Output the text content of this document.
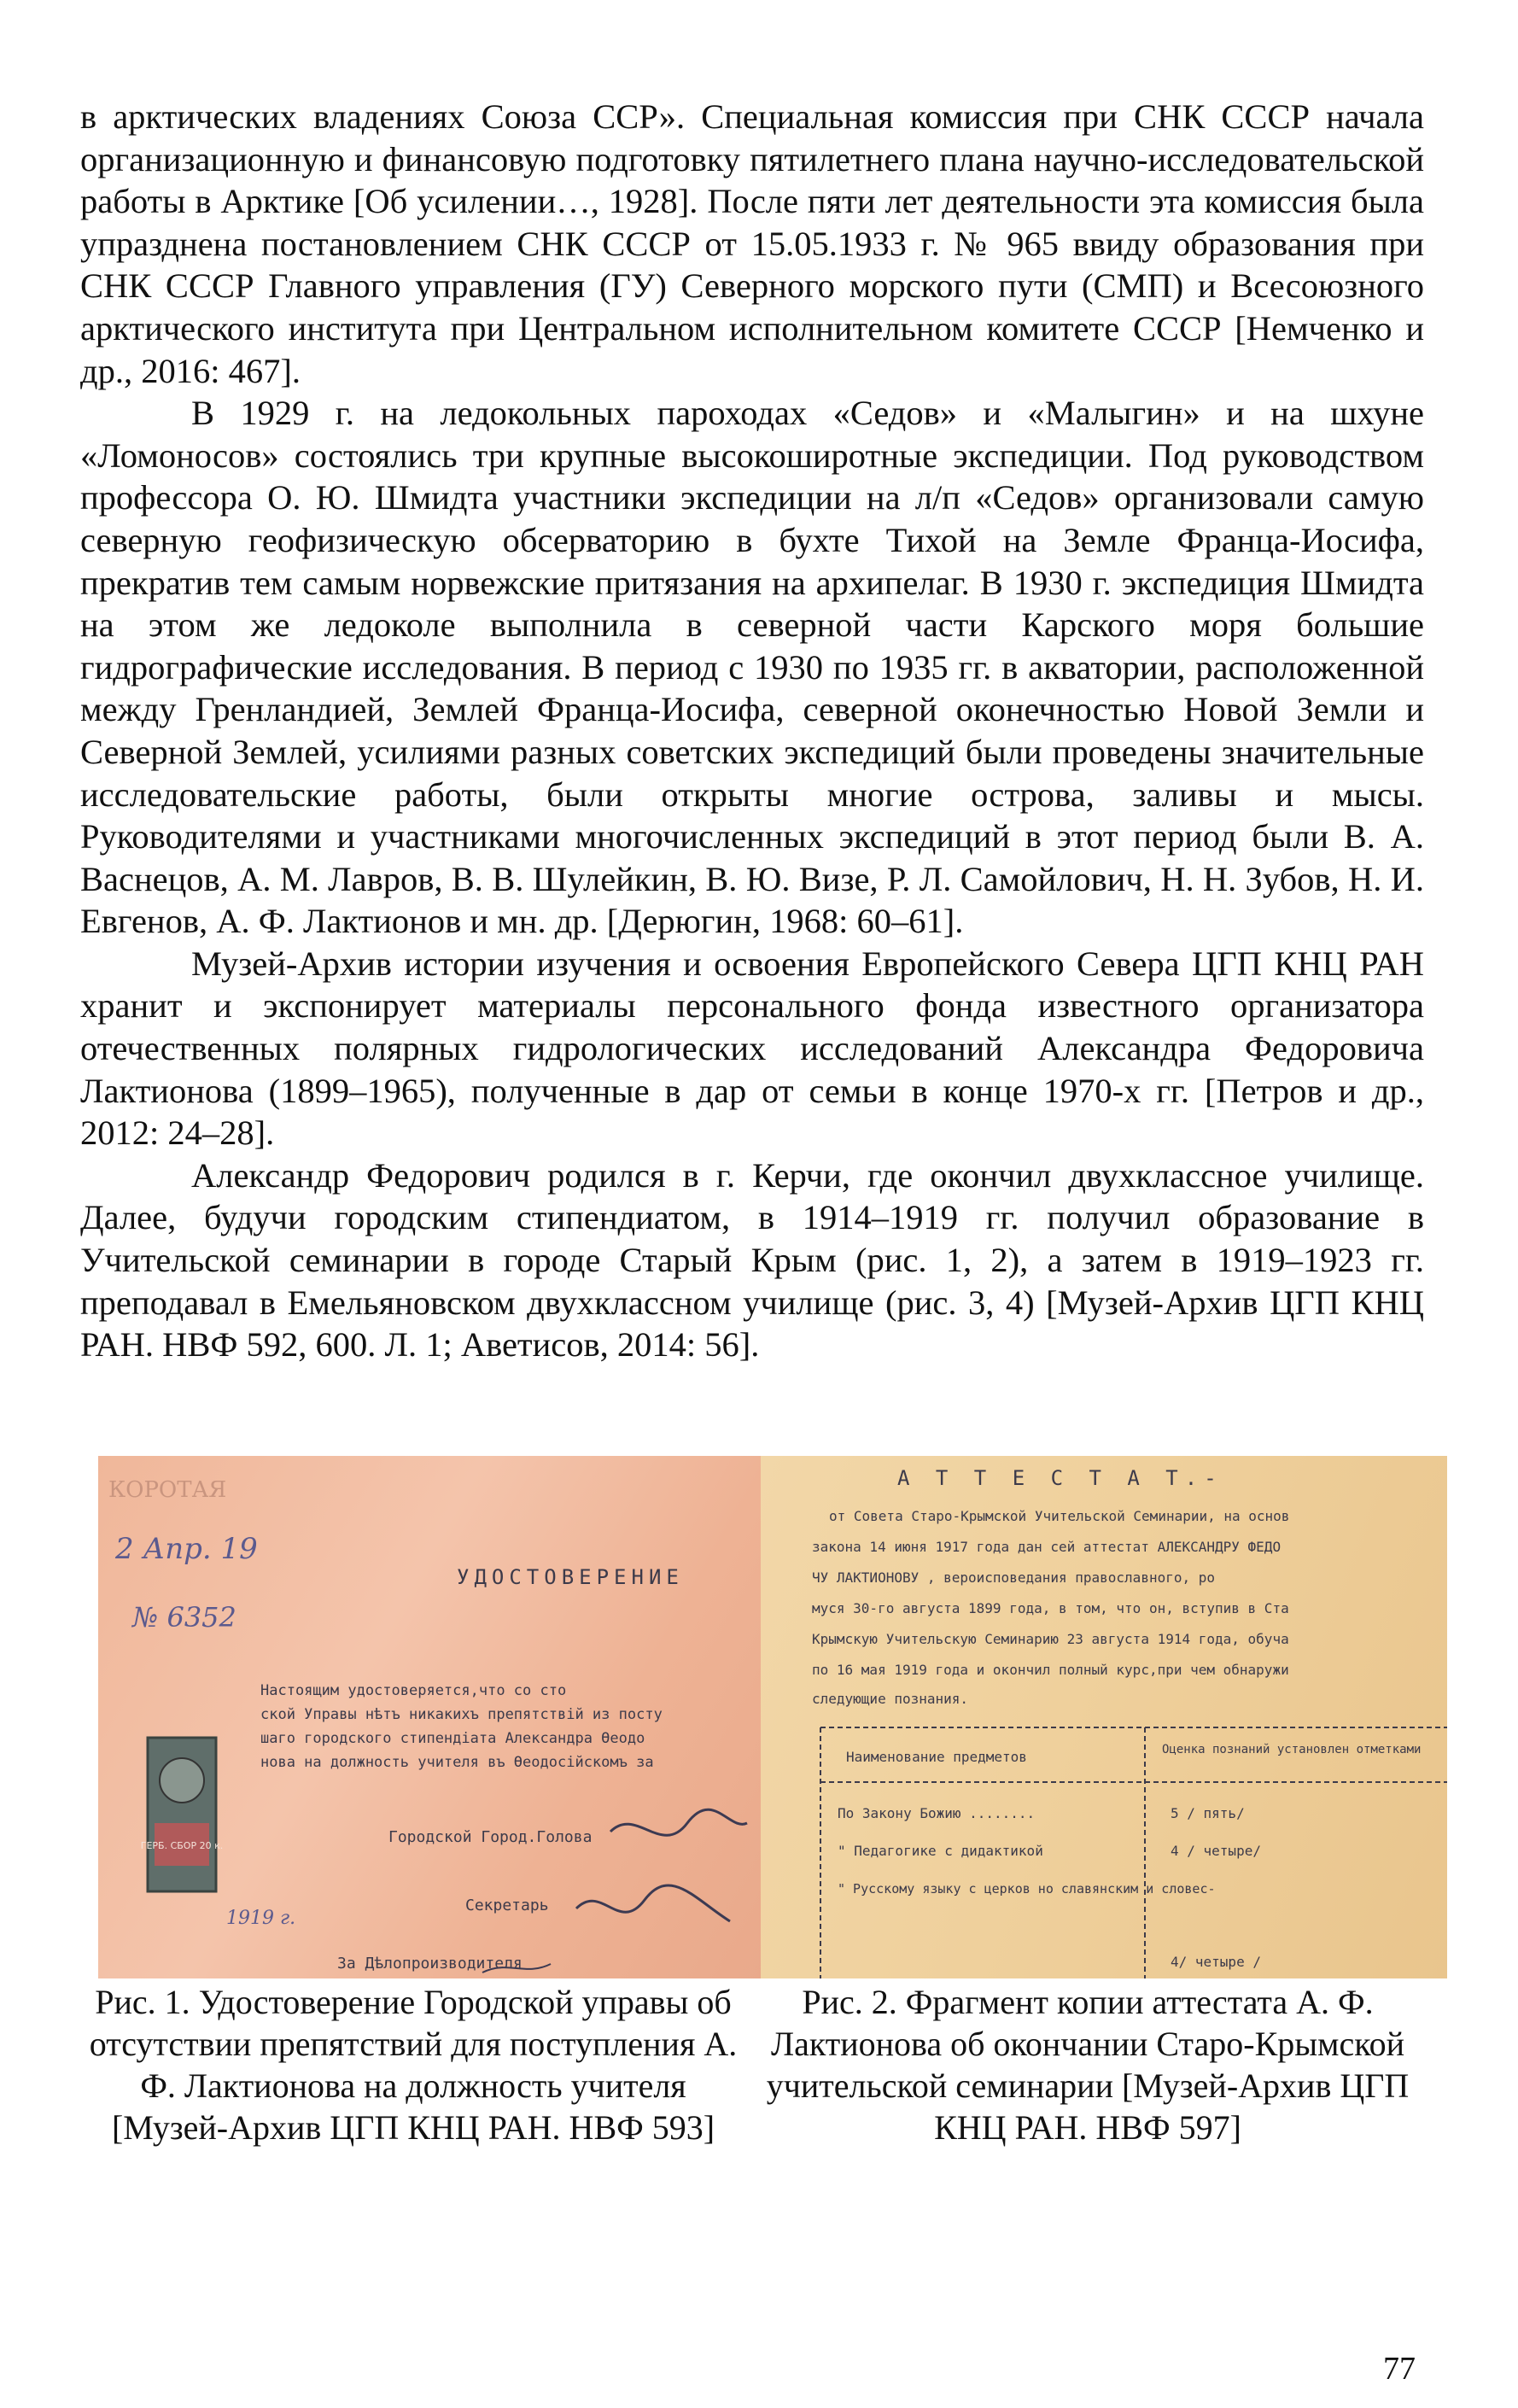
в арктических владениях Союза ССР». Специальная комиссия при СНК СССР начала организационную и финансовую подготовку пятилетнего плана научно-исследовательской работы в Арктике [Об усилении…, 1928]. После пяти лет деятельности эта комиссия была упразднена постановлением СНК СССР от 15.05.1933 г. № 965 ввиду образования при СНК СССР Главного управления (ГУ) Северного морского пути (СМП) и Всесоюзного арктического института при Центральном исполнительном комитете СССР [Немченко и др., 2016: 467].

В 1929 г. на ледокольных пароходах «Седов» и «Малыгин» и на шхуне «Ломоносов» состоялись три крупные высокоширотные экспедиции. Под руководством профессора О. Ю. Шмидта участники экспедиции на л/п «Седов» организовали самую северную геофизическую обсерваторию в бухте Тихой на Земле Франца-Иосифа, прекратив тем самым норвежские притязания на архипелаг. В 1930 г. экспедиция Шмидта на этом же ледоколе выполнила в северной части Карского моря большие гидрографические исследования. В период с 1930 по 1935 гг. в акватории, расположенной между Гренландией, Землей Франца-Иосифа, северной оконечностью Новой Земли и Северной Землей, усилиями разных советских экспедиций были проведены значительные исследовательские работы, были открыты многие острова, заливы и мысы. Руководителями и участниками многочисленных экспедиций в этот период были В. А. Васнецов, А. М. Лавров, В. В. Шулейкин, В. Ю. Визе, Р. Л. Самойлович, Н. Н. Зубов, Н. И. Евгенов, А. Ф. Лактионов и мн. др. [Дерюгин, 1968: 60–61].

Музей-Архив истории изучения и освоения Европейского Севера ЦГП КНЦ РАН хранит и экспонирует материалы персонального фонда известного организатора отечественных полярных гидрологических исследований Александра Федоровича Лактионова (1899–1965), полученные в дар от семьи в конце 1970-х гг. [Петров и др., 2012: 24–28].

Александр Федорович родился в г. Керчи, где окончил двухклассное училище. Далее, будучи городским стипендиатом, в 1914–1919 гг. получил образование в Учительской семинарии в городе Старый Крым (рис. 1, 2), а затем в 1919–1923 гг. преподавал в Емельяновском двухклассном училище (рис. 3, 4) [Музей-Архив ЦГП КНЦ РАН. НВФ 592, 600. Л. 1; Аветисов, 2014: 56].

КОРОТАЯ
2 Апр. 19
№ 6352
УДОСТОВЕРЕНИЕ
Настоящим удостоверяется,что со сто
ской Управы нѣтъ никакихъ препятствiй из посту
шаго городского стипендiата Александра Өеодо
нова на должность учителя въ Өеодосiйскомъ за
Городской Город.Голова
Секретарь
За Дѣлопроизводителя
ГЕРБ. СБОР 20 к.
1919 г.
А Т Т Е С Т А Т.-
от Совета Старо-Крымской Учительской Семинарии, на основ
закона 14 июня 1917 года дан сей аттестат АЛЕКСАНДРУ ФЕДО
ЧУ ЛАКТИОНОВУ , вероисповедания православного, ро
муся 30-го августа 1899 года, в том, что он, вступив в Ста
Крымскую Учительскую Семинарию 23 августа 1914 года, обуча
по 16 мая 1919 года и окончил полный курс,при чем обнаружи
следующие познания.
Наименование предметов	Оценка познаний установлен отметками
По Закону Божию ........	5 / пять/
" Педагогике с дидактикой	4 / четыре/
" Русскому языку с церков но славянским и словес-
4/ четыре /

Рис. 1. Удостоверение Городской управы об отсутствии препятствий для поступления А. Ф. Лактионова на должность учителя [Музей-Архив ЦГП КНЦ РАН. НВФ 593]

Рис. 2. Фрагмент копии аттестата А. Ф. Лактионова об окончании Старо-Крымской учительской семинарии [Музей-Архив ЦГП КНЦ РАН. НВФ 597]

77
